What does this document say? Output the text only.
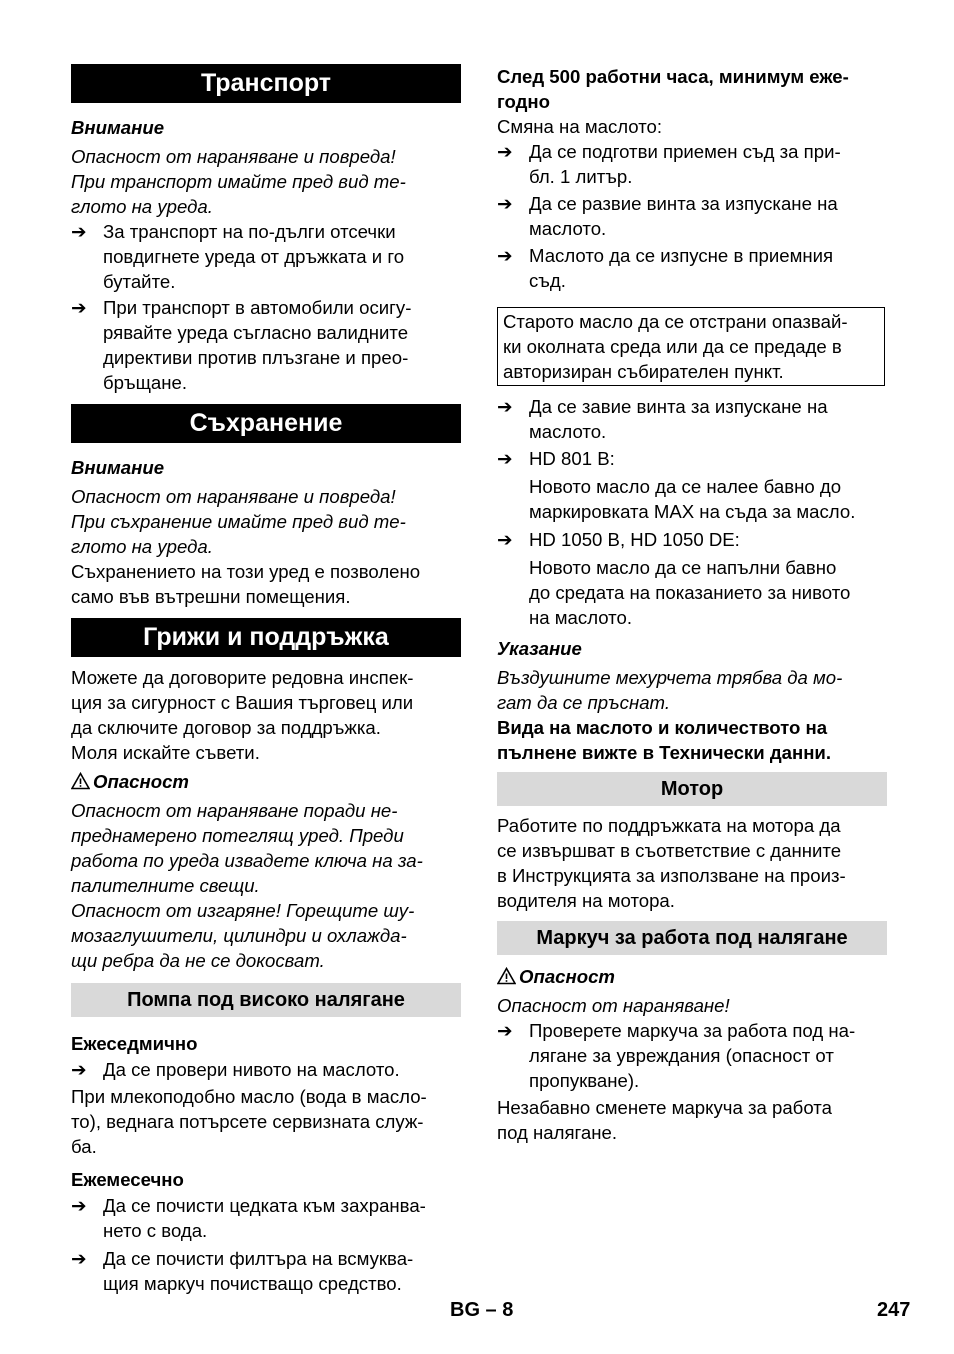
Транспорт
Внимание
Опасност от нараняване и повреда!
При транспорт имайте пред вид те-
глото на уреда.
➔ За транспорт на по-дълги отсечки
повдигнете уреда от дръжката и го
бутайте.
➔ При транспорт в автомобили осигу-
рявайте уреда съгласно валидните
директиви против плъзгане и прео-
бръщане.
Съхранение
Внимание
Опасност от нараняване и повреда!
При съхранение имайте пред вид те-
глото на уреда.
Съхранението на този уред е позволено
само във вътрешни помещения.
Грижи и поддръжка
Можете да договорите редовна инспек-
ция за сигурност с Вашия търговец или
да сключите договор за поддръжка.
Моля искайте съвети.
Опасност
Опасност от нараняване поради не-
преднамерено потеглящ уред. Преди
работа по уреда извадете ключа на за-
палителните свещи.
Опасност от изгаряне! Горещите шу-
мозаглушители, цилиндри и охлажда-
щи ребра да не се докосват.
Помпа под високо налягане
Ежеседмично
➔ Да се провери нивото на маслото.
При млекоподобно масло (вода в масло-
то), веднага потърсете сервизната служ-
ба.
Ежемесечно
➔ Да се почисти цедката към захранва-
нето с вода.
➔ Да се почисти филтъра на всмуква-
щия маркуч почистващо средство.
След 500 работни часа, минимум еже-
годно
Смяна на маслото:
➔ Да се подготви приемен съд за при-
бл. 1 литър.
➔ Да се развие винта за изпускане на
маслото.
➔ Маслото да се изпусне в приемния
съд.
Старото масло да се отстрани опазвай-
ки околната среда или да се предаде в
авторизиран събирателен пункт.
➔ Да се завие винта за изпускане на
маслото.
➔ HD 801 B:
Новото масло да се налее бавно до
маркировката MAX на съда за масло.
➔ HD 1050 B, HD 1050 DE:
Новото масло да се напълни бавно
до средата на показанието за нивото
на маслото.
Указание
Въздушните мехурчета трябва да мо-
гат да се пръснат.
Вида на маслото и количеството на
пълнене вижте в Технически данни.
Мотор
Работите по поддръжката на мотора да
се извършват в съответствие с данните
в Инструкцията за използване на произ-
водителя на мотора.
Маркуч за работа под налягане
Опасност
Опасност от нараняване!
➔ Проверете маркуча за работа под на-
лягане за увреждания (опасност от
пропукване).
Незабавно сменете маркуча за работа
под налягане.
BG – 8	247
